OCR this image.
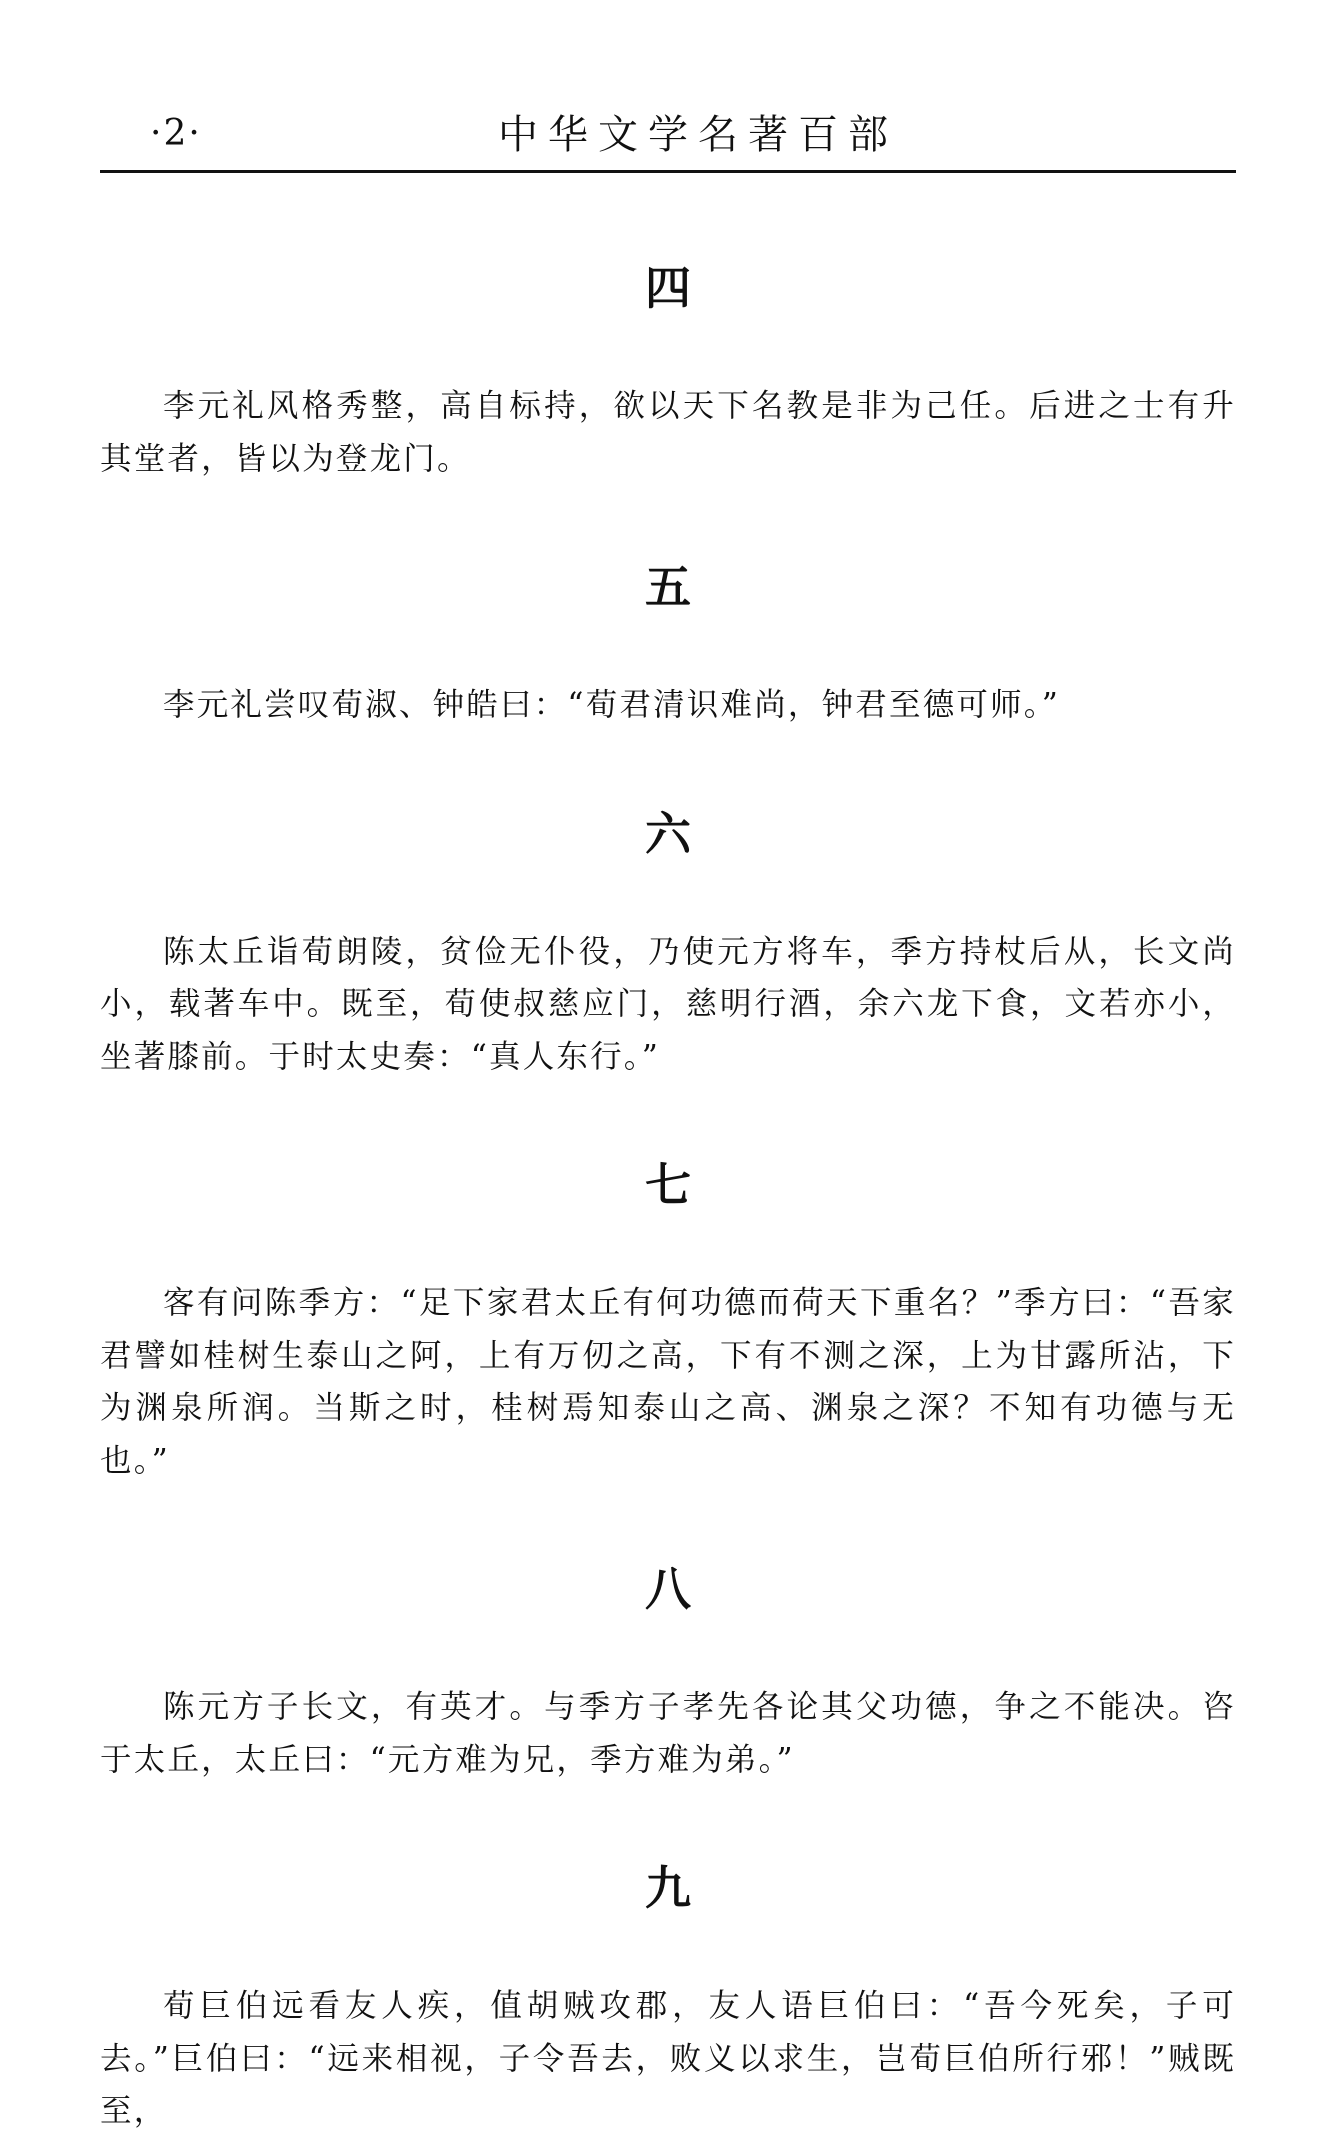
·2·	中华文学名著百部
四

李元礼风格秀整，高自标持，欲以天下名教是非为己任。后进之士有升其堂者，皆以为登龙门。

五

李元礼尝叹荀淑、钟皓曰：“荀君清识难尚，钟君至德可师。”

六

陈太丘诣荀朗陵，贫俭无仆役，乃使元方将车，季方持杖后从，长文尚小，载著车中。既至，荀使叔慈应门，慈明行酒，余六龙下食，文若亦小，坐著膝前。于时太史奏：“真人东行。”

七

客有问陈季方：“足下家君太丘有何功德而荷天下重名？”季方曰：“吾家君譬如桂树生泰山之阿，上有万仞之高，下有不测之深，上为甘露所沾，下为渊泉所润。当斯之时，桂树焉知泰山之高、渊泉之深？不知有功德与无也。”

八

陈元方子长文，有英才。与季方子孝先各论其父功德，争之不能决。咨于太丘，太丘曰：“元方难为兄，季方难为弟。”

九

荀巨伯远看友人疾，值胡贼攻郡，友人语巨伯曰：“吾今死矣，子可去。”巨伯曰：“远来相视，子令吾去，败义以求生，岂荀巨伯所行邪！”贼既至，
